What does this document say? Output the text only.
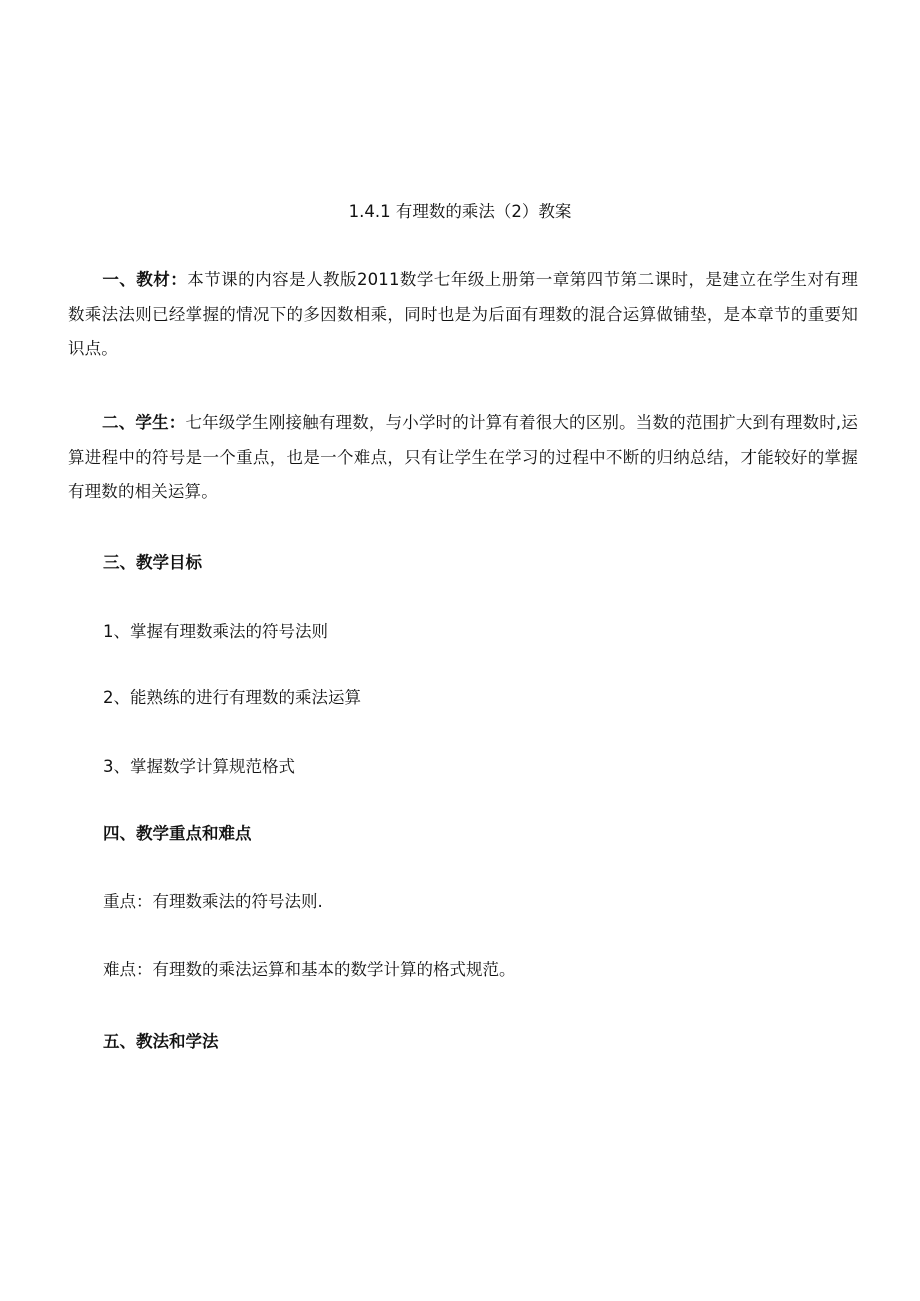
1.4.1 有理数的乘法（2）教案
一、教材：本节课的内容是人教版2011数学七年级上册第一章第四节第二课时，是建立在学生对有理数乘法法则已经掌握的情况下的多因数相乘，同时也是为后面有理数的混合运算做铺垫，是本章节的重要知识点。
二、学生：七年级学生刚接触有理数，与小学时的计算有着很大的区别。当数的范围扩大到有理数时,运算进程中的符号是一个重点，也是一个难点，只有让学生在学习的过程中不断的归纳总结，才能较好的掌握有理数的相关运算。
三、教学目标
1、掌握有理数乘法的符号法则
2、能熟练的进行有理数的乘法运算
3、掌握数学计算规范格式
四、教学重点和难点
重点：有理数乘法的符号法则.
难点：有理数的乘法运算和基本的数学计算的格式规范。
五、教法和学法
